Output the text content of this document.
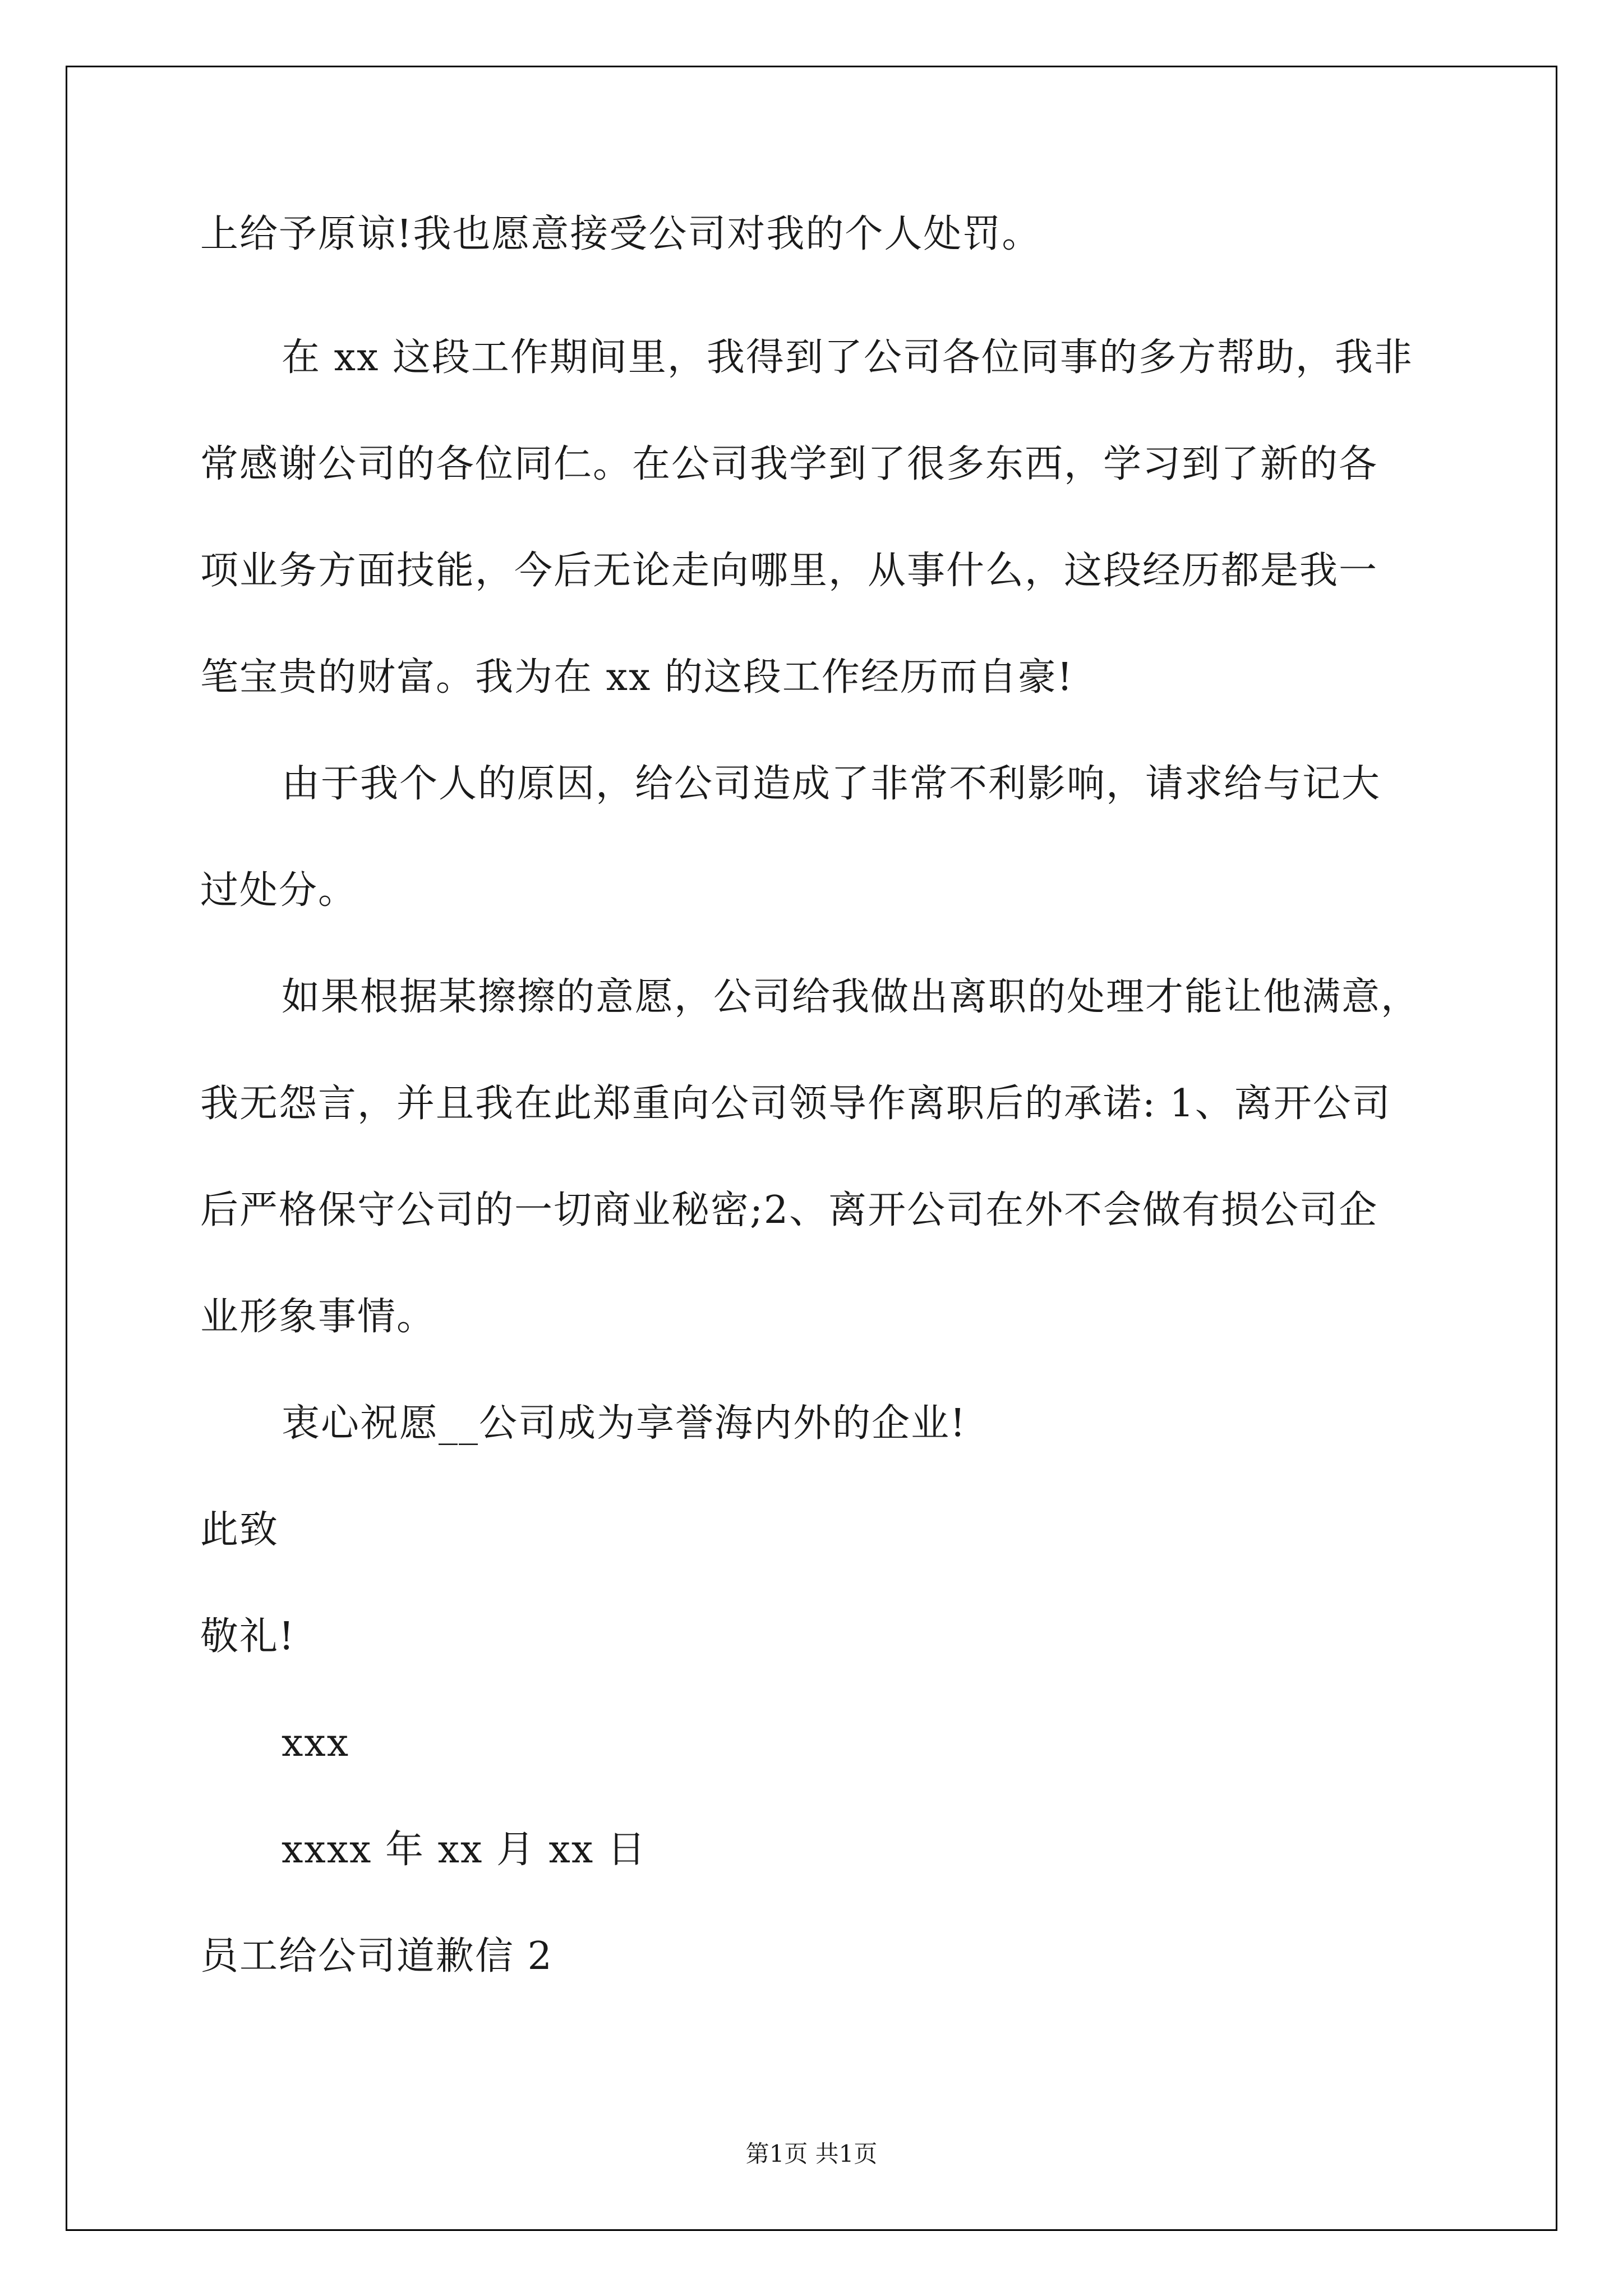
上给予原谅!我也愿意接受公司对我的个人处罚。
在 xx 这段工作期间里，我得到了公司各位同事的多方帮助，我非
常感谢公司的各位同仁。在公司我学到了很多东西，学习到了新的各
项业务方面技能，今后无论走向哪里，从事什么，这段经历都是我一
笔宝贵的财富。我为在 xx 的这段工作经历而自豪!
由于我个人的原因，给公司造成了非常不利影响，请求给与记大
过处分。
如果根据某擦擦的意愿，公司给我做出离职的处理才能让他满意，
我无怨言，并且我在此郑重向公司领导作离职后的承诺: 1、离开公司
后严格保守公司的一切商业秘密;2、离开公司在外不会做有损公司企
业形象事情。
衷心祝愿__公司成为享誉海内外的企业!
此致
敬礼!
xxx
xxxx 年 xx 月 xx 日
员工给公司道歉信 2
第1页 共1页
